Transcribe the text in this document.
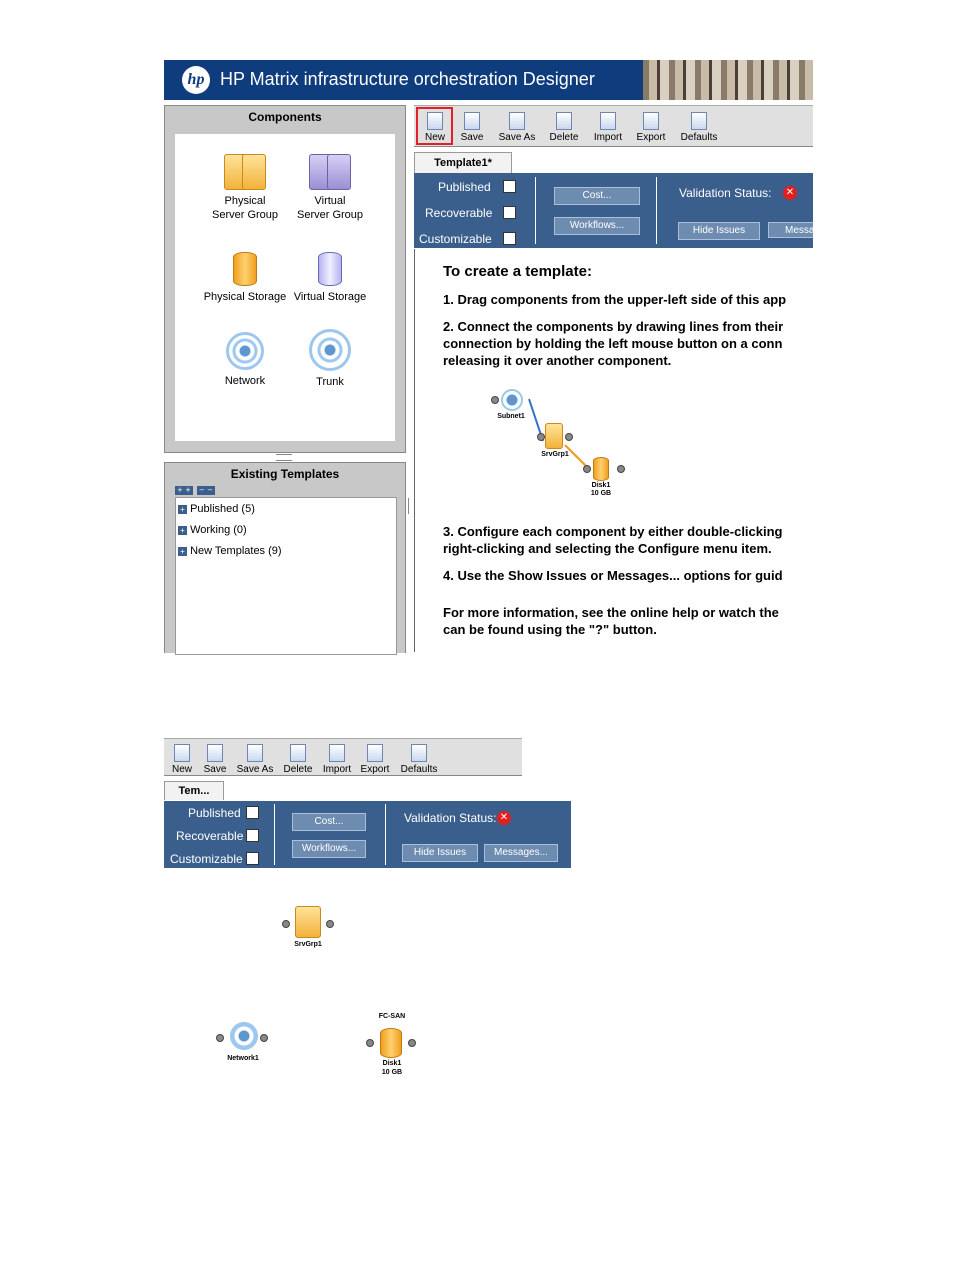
hp HP Matrix infrastructure orchestration Designer
Components

Physical
Server Group

Virtual
Server Group

Physical Storage Virtual Storage

Network	Trunk
Existing Templates
+ + − −
+ Published (5)
+ Working (0)
+ New Templates (9)
New	Save Save As	Delete	Import	Export Defaults
Template1*
Published
Recoverable
Customizable
Cost...
Workflows...
Validation Status: ✕
Hide Issues	Messag
To create a template:
1. Drag components from the upper-left side of this app
2. Connect the components by drawing lines from their
connection by holding the left mouse button on a conn
releasing it over another component.
Subnet1
SrvGrp1
Disk1
10 GB
3. Configure each component by either double-clicking
right-clicking and selecting the Configure menu item.
4. Use the Show Issues or Messages... options for guid
For more information, see the online help or watch the
can be found using the "?" button.
New Save Save As Delete Import Export Defaults
Tem...
Published
Recoverable
Customizable
Cost...
Workflows...
Validation Status: ✕
Hide Issues	Messages...
SrvGrp1
Network1
FC-SAN
Disk1
10 GB
